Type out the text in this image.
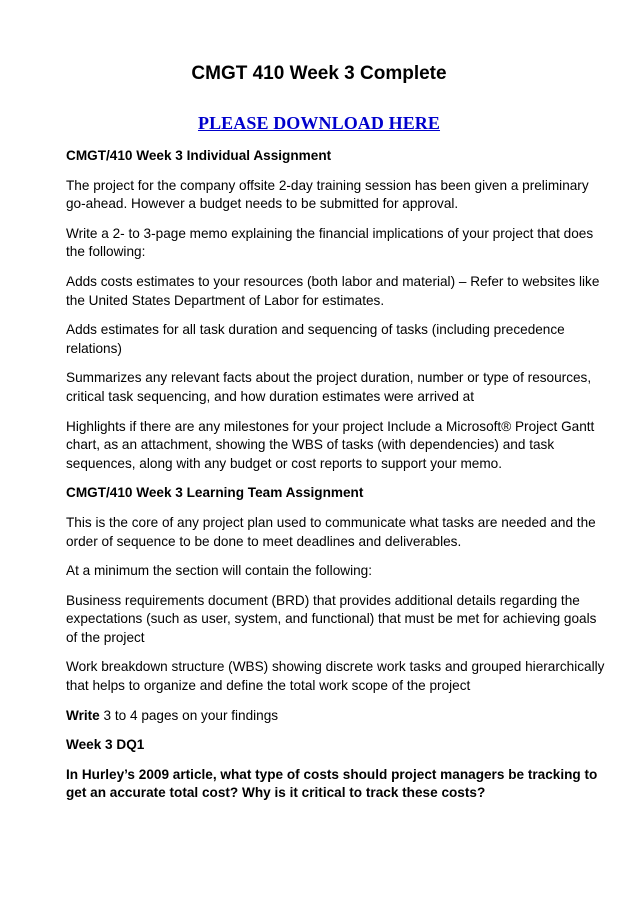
CMGT 410 Week 3 Complete

PLEASE DOWNLOAD HERE

CMGT/410 Week 3 Individual Assignment

The project for the company offsite 2-day training session has been given a preliminary go-ahead. However a budget needs to be submitted for approval.

Write a 2- to 3-page memo explaining the financial implications of your project that does the following:

Adds costs estimates to your resources (both labor and material) – Refer to websites like the United States Department of Labor for estimates.

Adds estimates for all task duration and sequencing of tasks (including precedence relations)

Summarizes any relevant facts about the project duration, number or type of resources, critical task sequencing, and how duration estimates were arrived at

Highlights if there are any milestones for your project Include a Microsoft® Project Gantt chart, as an attachment, showing the WBS of tasks (with dependencies) and task sequences, along with any budget or cost reports to support your memo.

CMGT/410 Week 3 Learning Team Assignment

This is the core of any project plan used to communicate what tasks are needed and the order of sequence to be done to meet deadlines and deliverables.

At a minimum the section will contain the following:

Business requirements document (BRD) that provides additional details regarding the expectations (such as user, system, and functional) that must be met for achieving goals of the project

Work breakdown structure (WBS) showing discrete work tasks and grouped hierarchically that helps to organize and define the total work scope of the project

Write 3 to 4 pages on your findings

Week 3 DQ1

In Hurley’s 2009 article, what type of costs should project managers be tracking to get an accurate total cost? Why is it critical to track these costs?
